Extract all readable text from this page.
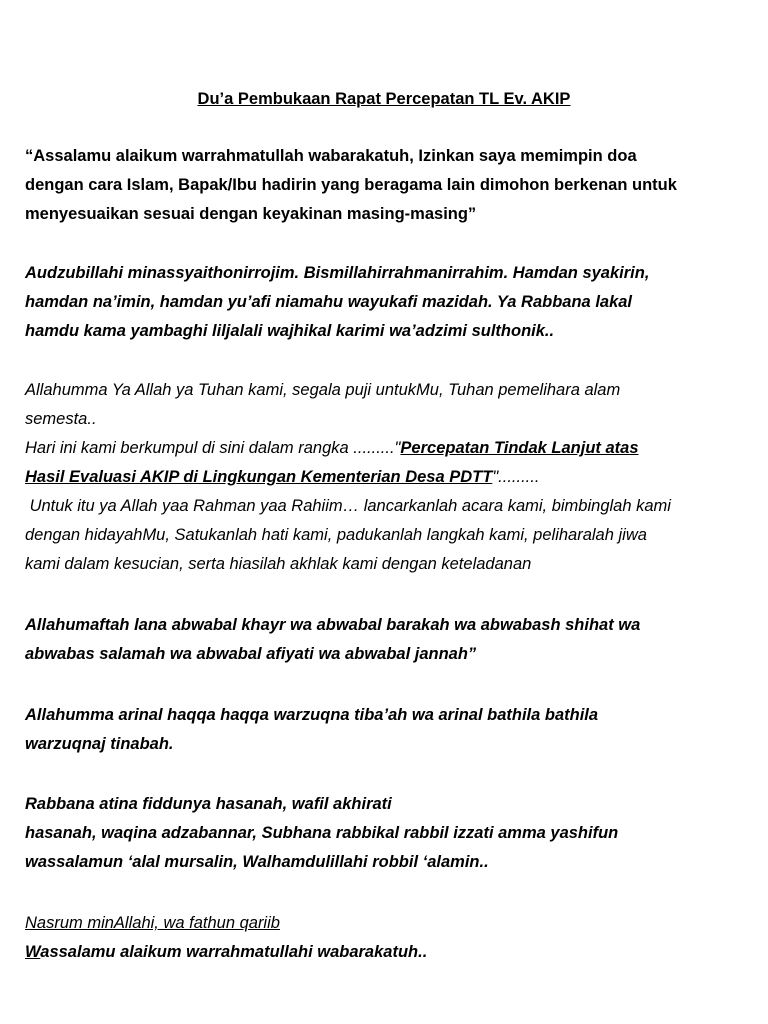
Du’a Pembukaan Rapat Percepatan TL Ev. AKIP
“Assalamu alaikum warrahmatullah wabarakatuh, Izinkan saya memimpin doa
dengan cara Islam, Bapak/Ibu hadirin yang beragama lain dimohon berkenan untuk
menyesuaikan sesuai dengan keyakinan masing-masing”
Audzubillahi minassyaithonirrojim. Bismillahirrahmanirrahim. Hamdan syakirin,
hamdan na’imin, hamdan yu’afi niamahu wayukafi mazidah. Ya Rabbana lakal
hamdu kama yambaghi liljalali wajhikal karimi wa’adzimi sulthonik..
Allahumma Ya Allah ya Tuhan kami, segala puji untukMu, Tuhan pemelihara alam
semesta..
Hari ini kami berkumpul di sini dalam rangka ........."Percepatan Tindak Lanjut atas
Hasil Evaluasi AKIP di Lingkungan Kementerian Desa PDTT".........
Untuk itu ya Allah yaa Rahman yaa Rahiim… lancarkanlah acara kami, bimbinglah kami
dengan hidayahMu, Satukanlah hati kami, padukanlah langkah kami, peliharalah jiwa
kami dalam kesucian, serta hiasilah akhlak kami dengan keteladanan
Allahumaftah lana abwabal khayr wa abwabal barakah wa abwabash shihat wa
abwabas salamah wa abwabal afiyati wa abwabal jannah”
Allahumma arinal haqqa haqqa warzuqna tiba’ah wa arinal bathila bathila
warzuqnaj tinabah.
Rabbana atina fiddunya hasanah, wafil akhirati
hasanah, waqina adzabannar, Subhana rabbikal rabbil izzati amma yashifun
wassalamun ‘alal mursalin, Walhamdulillahi robbil ‘alamin..
Nasrum minAllahi, wa fathun qariib
Wassalamu alaikum warrahmatullahi wabarakatuh..
